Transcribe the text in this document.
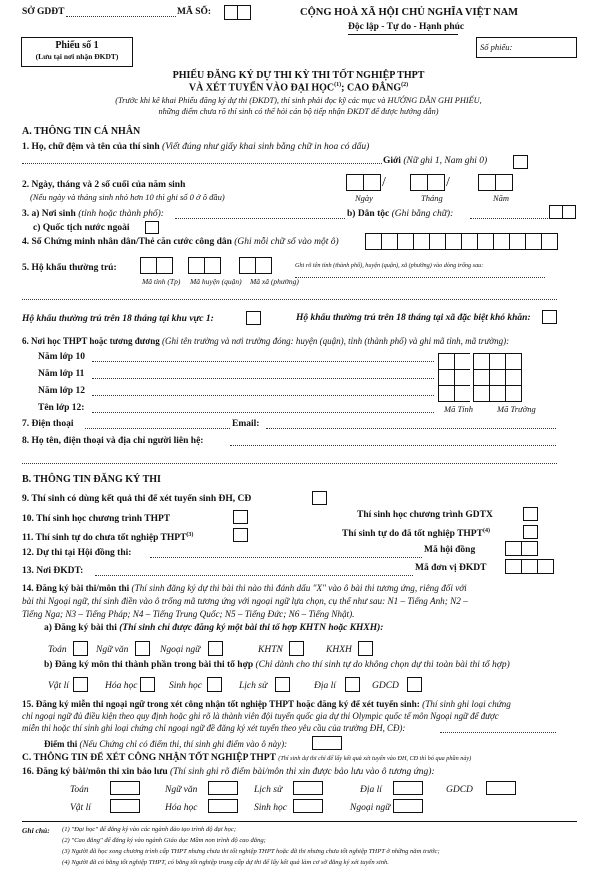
SỞ GDĐT	MÃ SỐ:	CỘNG HOÀ XÃ HỘI CHỦ NGHĨA VIỆT NAM
Độc lập - Tự do - Hạnh phúc
Phiếu số 1
(Lưu tại nơi nhận ĐKDT)
Số phiếu:
PHIẾU ĐĂNG KÝ DỰ THI KỲ THI TỐT NGHIỆP THPT
VÀ XÉT TUYỂN VÀO ĐẠI HỌC$^{(1)}$; CAO ĐẲNG$^{(2)}$
(Trước khi kê khai Phiếu đăng ký dự thi (ĐKDT), thí sinh phải đọc kỹ các mục và HƯỚNG DẪN GHI PHIẾU,
những điểm chưa rõ thí sinh có thể hỏi cán bộ tiếp nhận ĐKDT để được hướng dẫn)
A. THÔNG TIN CÁ NHÂN
1. Họ, chữ đệm và tên của thí sinh (Viết đúng như giấy khai sinh bằng chữ in hoa có dấu)
Giới (Nữ ghi 1, Nam ghi 0)
2. Ngày, tháng và 2 số cuối của năm sinh
(Nếu ngày và tháng sinh nhỏ hơn 10 thì ghi số 0 ở ô đầu)
/	/
Ngày	Tháng	Năm
3. a) Nơi sinh (tỉnh hoặc thành phố):	b) Dân tộc (Ghi bằng chữ):
c) Quốc tịch nước ngoài
4. Số Chứng minh nhân dân/Thẻ căn cước công dân (Ghi mỗi chữ số vào một ô)
5. Hộ khẩu thường trú:	Ghi rõ tên tỉnh (thành phố), huyện (quận), xã (phường) vào dòng trống sau:
Mã tỉnh (Tp) Mã huyện (quận) Mã xã (phường)
Hộ khẩu thường trú trên 18 tháng tại khu vực 1:	Hộ khẩu thường trú trên 18 tháng tại xã đặc biệt khó khăn:
6. Nơi học THPT hoặc tương đương (Ghi tên trường và nơi trường đóng: huyện (quận), tỉnh (thành phố) và ghi mã tỉnh, mã trường):
Năm lớp 10
Năm lớp 11
Năm lớp 12
Tên lớp 12:	Mã Tỉnh	Mã Trường
7. Điện thoại	Email:
8. Họ tên, điện thoại và địa chỉ người liên hệ:
B. THÔNG TIN ĐĂNG KÝ THI
9. Thí sinh có dùng kết quả thi để xét tuyển sinh ĐH, CĐ
10. Thí sinh học chương trình THPT	Thí sinh học chương trình GDTX
11. Thí sinh tự do chưa tốt nghiệp THPT$^{(3)}$	Thí sinh tự do đã tốt nghiệp THPT$^{(4)}$
12. Dự thi tại Hội đồng thi:	Mã hội đồng
13. Nơi ĐKDT:	Mã đơn vị ĐKDT
14. Đăng ký bài thi/môn thi (Thí sinh đăng ký dự thi bài thi nào thì đánh dấu "X" vào ô bài thi tương ứng, riêng đối với
bài thi Ngoại ngữ, thí sinh điền vào ô trống mã tương ứng với ngoại ngữ lựa chọn, cụ thể như sau: N1 – Tiếng Anh; N2 –
Tiếng Nga; N3 – Tiếng Pháp; N4 – Tiếng Trung Quốc; N5 – Tiếng Đức; N6 – Tiếng Nhật).
a) Đăng ký bài thi (Thí sinh chỉ được đăng ký một bài thi tổ hợp KHTN hoặc KHXH):
Toán	Ngữ văn	Ngoại ngữ	KHTN	KHXH
b) Đăng ký môn thi thành phần trong bài thi tổ hợp (Chỉ dành cho thí sinh tự do không chọn dự thi toàn bài thi tổ hợp)
Vật lí	Hóa học	Sinh học	Lịch sử	Địa lí	GDCD
15. Đăng ký miễn thi ngoại ngữ trong xét công nhận tốt nghiệp THPT hoặc đăng ký để xét tuyển sinh: (Thí sinh ghi loại chứng
chỉ ngoại ngữ đủ điều kiện theo quy định hoặc ghi rõ là thành viên đội tuyển quốc gia dự thi Olympic quốc tế môn Ngoại ngữ để được
miễn thi hoặc thí sinh ghi loại chứng chỉ ngoại ngữ đề đăng ký xét tuyển theo yêu cầu của trường ĐH, CĐ):
Điểm thi (Nếu Chứng chỉ có điểm thi, thí sinh ghi điểm vào ô này):
C. THÔNG TIN ĐỂ XÉT CÔNG NHẬN TỐT NGHIỆP THPT (Thí sinh dự thi chỉ để lấy kết quả xét tuyển vào ĐH, CĐ thì bỏ qua phần này)
16. Đăng ký bài/môn thi xin bảo lưu (Thí sinh ghi rõ điểm bài/môn thi xin được bảo lưu vào ô tương ứng):
Toán	Ngữ văn	Lịch sử	Địa lí	GDCD
Vật lí	Hóa học	Sinh học	Ngoại ngữ
Ghi chú: (1) "Đại học" để đăng ký vào các ngành đào tạo trình độ đại học;
(2) "Cao đẳng" để đăng ký vào ngành Giáo dục Mầm non trình độ cao đẳng;
(3) Người đã học xong chương trình cấp THPT nhưng chưa thi tốt nghiệp THPT hoặc đã thi nhưng chưa tốt nghiệp THPT ở những năm trước;
(4) Người đã có bằng tốt nghiệp THPT, có bằng tốt nghiệp trung cấp dự thi để lấy kết quả làm cơ sở đăng ký xét tuyển sinh.
